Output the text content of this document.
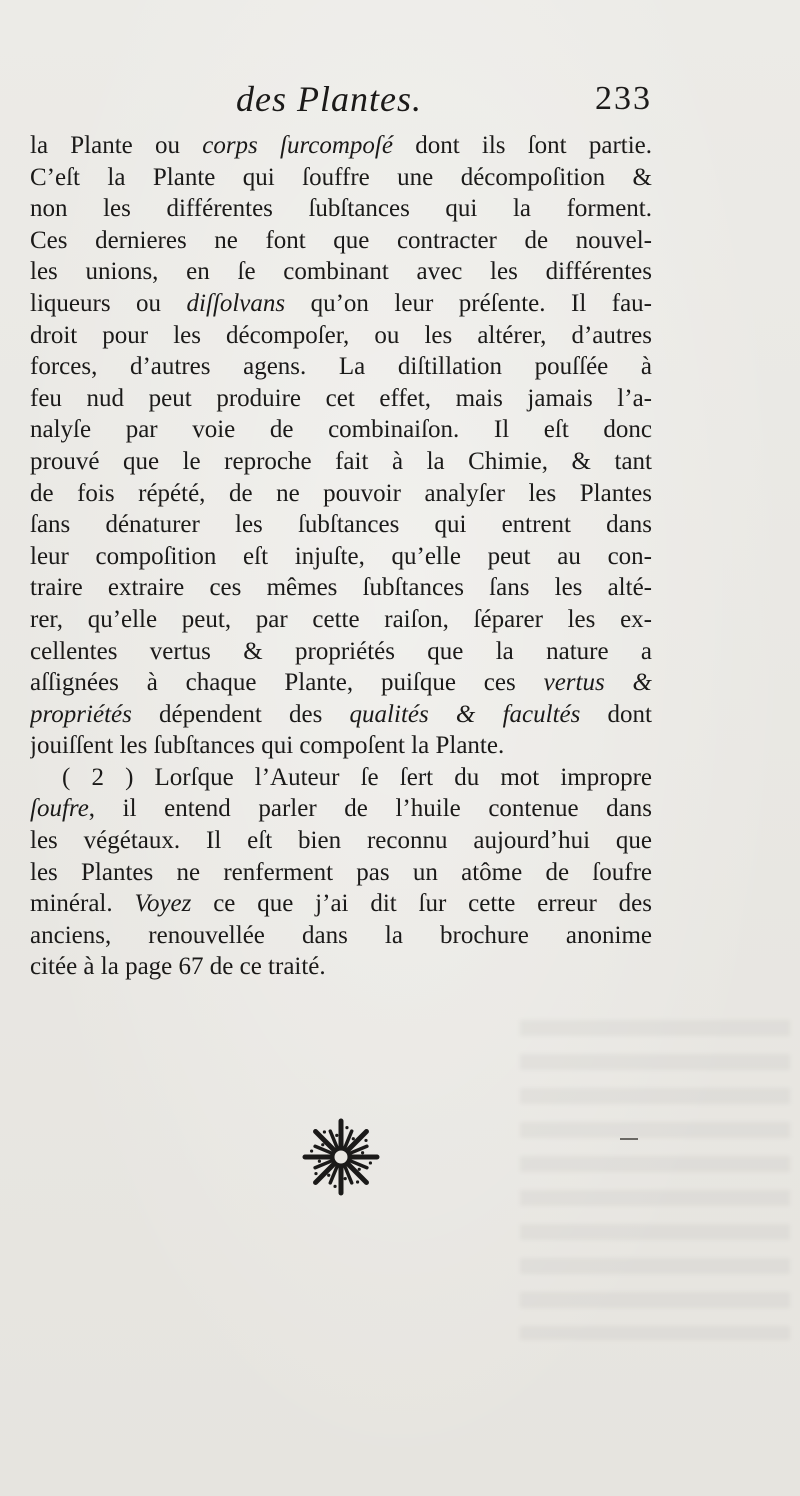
des Plantes.	233
la Plante ou corps ſurcompoſé dont ils ſont partie.
C’eſt la Plante qui ſouffre une décompoſition &
non les différentes ſubſtances qui la forment.
Ces dernieres ne font que contracter de nouvel-
les unions, en ſe combinant avec les différentes
liqueurs ou diſſolvans qu’on leur préſente. Il fau-
droit pour les décompoſer, ou les altérer, d’autres
forces, d’autres agens. La diſtillation pouſſée à
feu nud peut produire cet effet, mais jamais l’a-
nalyſe par voie de combinaiſon. Il eſt donc
prouvé que le reproche fait à la Chimie, & tant
de fois répété, de ne pouvoir analyſer les Plantes
ſans dénaturer les ſubſtances qui entrent dans
leur compoſition eſt injuſte, qu’elle peut au con-
traire extraire ces mêmes ſubſtances ſans les alté-
rer, qu’elle peut, par cette raiſon, ſéparer les ex-
cellentes vertus & propriétés que la nature a
aſſignées à chaque Plante, puiſque ces vertus &
propriétés dépendent des qualités & facultés dont
jouiſſent les ſubſtances qui compoſent la Plante.
( 2 ) Lorſque l’Auteur ſe ſert du mot impropre
ſoufre, il entend parler de l’huile contenue dans
les végétaux. Il eſt bien reconnu aujourd’hui que
les Plantes ne renferment pas un atôme de ſoufre
minéral. Voyez ce que j’ai dit ſur cette erreur des
anciens, renouvellée dans la brochure anonime
citée à la page 67 de ce traité.
